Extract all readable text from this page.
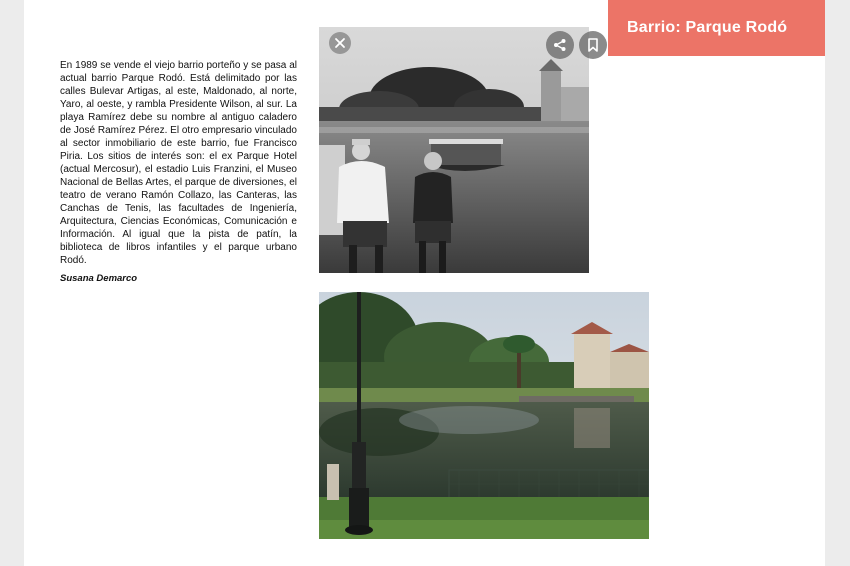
Barrio: Parque Rodó

En 1989 se vende el viejo barrio porteño y se pasa al actual barrio Parque Rodó. Está delimitado por las calles Bulevar Artigas, al este, Maldonado, al norte, Yaro, al oeste, y rambla Presidente Wilson, al sur. La playa Ramírez debe su nombre al antiguo caladero de José Ramírez Pérez. El otro empresario vinculado al sector inmobiliario de este barrio, fue Francisco Piria. Los sitios de interés son: el ex Parque Hotel (actual Mercosur), el estadio Luis Franzini, el Museo Nacional de Bellas Artes, el parque de diversiones, el teatro de verano Ramón Collazo, las Canteras, las Canchas de Tenis, las facultades de Ingeniería, Arquitectura, Ciencias Económicas, Comunicación e Información. Al igual que la pista de patín, la biblioteca de libros infantiles y el parque urbano Rodó.

Susana Demarco
